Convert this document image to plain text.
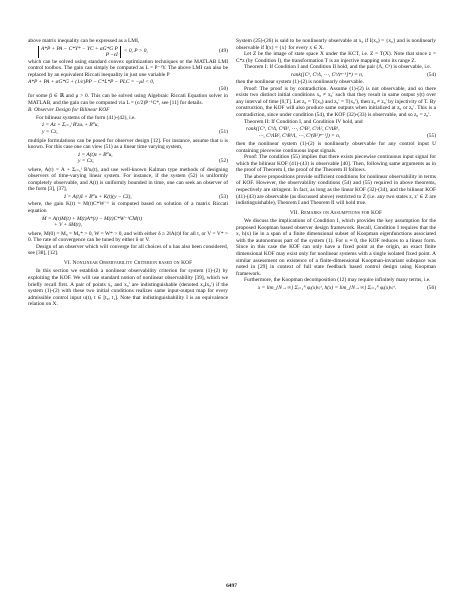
above matrix inequality can be expressed as a LMI,

A*P + PA − C*Y* − YC + αG*G P
P −ϵI
< 0, P > 0,	(49)

which can be solved using standard convex optimization techniques or the MATLAB LMI control toolbox. The gain can simply be computed as L = P⁻¹Y. The above LMI can also be replaced by an equivalent Riccati inequality in just one variable P

A*P + PA + αG*G + (1/ϵ)PP − C*L*P − PLC = −μI < 0,
(50)

for some β ∈ ℝ and μ > 0. This can be solved using Algebraic Riccati Equation solver in MATLAB, and the gain can be computed via L = (ϵ/2)P⁻¹C*, see [11] for details.

B. Observer Design for Bilinear KOF

For bilinear systems of the form (41)-(42), i.e.

ż = Az + Σᵢ₌₁ˡ Bⁱzuᵢ + B⁰u,
y = Cz,	(51)

multiple formulations can be posed for observer design [12]. For instance, assume that u is known. For this case one can view (51) as a linear time varying system,

ż = A(t)z + B⁰u,
y = Cz,	(52)

where, A(t) = A + Σᵢ₌₁ˡ Bⁱuᵢ(t), and use well-known Kalman type methods of designing observers of time-varying linear system. For instance, if the system (52) is uniformly completely observable, and A(t) is uniformly bounded in time, one can seek an observer of the form [3], [37],

ẑ̇ = A(t)ẑ + B⁰u + K(t)(y − Cẑ),	(53)

where, the gain K(t) = M(t)C*W⁻¹ is computed based on solution of a matrix Riccati equation

Ṁ = A(t)M(t) + M(t)A*(t) − M(t)C*W⁻¹CM(t)
+ V + δM(t),

where, M(0) = M₀ = M₀* > 0, W = W* > 0, and with either δ ≥ 2‖A(t)‖ for all t, or V = V* > 0. The rate of convergence can be tuned by either δ or V.

Design of an observer which will converge for all choices of u has also been considered, see [38], [12].

VI. Nonlinear Observability Criterion based on KOF

In this section we establish a nonlinear observability criterion for system (1)-(2) by exploiting the KOF. We will use standard notion of nonlinear observability [39], which we briefly recall first. A pair of points x₀ and x₀′ are indistinguishable (denoted x₀Ix₀′) if the system (1)-(2) with these two initial conditions realizes same input-output map for every admissible control input u(t), t ∈ [t₀, t₁]. Note that indistinguishability I is an equivalence relation on X.

System (25)-(26) is said to be nonlinearly observable at x₀ if I(x₀) = {x₀} and is nonlinearly observable if I(x) = {x} for every x ∈ X.

Let Z be the image of state space X under the KCT, i.e. Z = T(X). Note that since z = C*z (by Condition I), the transformation T is an injective mapping onto its range Z.

Theorem I: If Condition I and Condition II hold, and the pair (Λ, Cʰ) is observable, i.e.

rank([Cʰ, CʰΛ, ⋯, CʰΛⁿ⁻¹]*) = n,	(54)

then the nonlinear system (1)-(2) is nonlinearly observable.

Proof: The proof is by contradiction. Assume (1)-(2) is not observable, and so there exists two distinct initial conditions x₀ ≠ x₀′ such that they result in same output y(t) over any interval of time [0,T]. Let z₀ = T(x₀) and z₀′ = T(x₀′), then z₀ ≠ z₀′ by injectivity of T. By construction, the KOF will also produce same outputs when initialized at z₀ or z₀′. This is a contradiction, since under condition (54), the KOF (32)-(33) is observable, and so z₀ = z₀′.

Theorem II: If Condition I, and Condition IV hold, and

rank([Cʰ, CʰΛ, CʰB¹, ⋯, CʰB², CʰΛ², CʰΛB¹,
⋯, CʰΛB², CʰB¹Λ, ⋯, Cʰ(B²)ⁿ⁻¹]) = n,	(55)

then the nonlinear system (1)-(2) is nonlinearly observable for any control input U containing piecewise continuous input signals.

Proof: The condition (55) implies that there exists piecewise continuous input signal for which the bilinear KOF (41)-(43) is observable [40]. Then, following same arguments as in the proof of Theorem I, the proof of the Theorem II follows.

The above propositions provide sufficient conditions for nonlinear observability in terms of KOF. However, the observability conditions (54) and (55) required in above theorems, respectively are stringent. In fact, as long as the linear KOF (32)-(34), and the bilinear KOF (41)-(43) are observable (as discussed above) restricted to Z (i.e. any two states z, z′ ∈ Z are indistinguishable), Theorem I and Theorem II will hold true.

VII. Remarks on Assumptions for KOF

We discuss the implications of Condition I, which provides the key assumption for the proposed Koopman based observer design framework. Recall, Condition I requires that the x, h(x) lie in a span of a finite dimensional subset of Koopman eigenfunctions associated with the autonomous part of the system (1). For u ≡ 0, the KOF reduces to a linear form. Since in this case the KOF can only have a fixed point at the origin, an exact finite dimensional KOF may exist only for nonlinear systems with a single isolated fixed point. A similar assessment on existence of a finite-dimensional Koopman-invariant subspace was noted in [29] in context of full state feedback based control design using Koopman framework.

Furthermore, the Koopman decomposition (12) may require infinitely many terms, i.e.

x = lim_{N→∞} Σᵢ₌₁ᴺ φᵢ(x)vᵢˣ, h(x) = lim_{N→∞} Σᵢ₌₁ᴺ φᵢ(x)vᵢʰ.	(56)
6497
